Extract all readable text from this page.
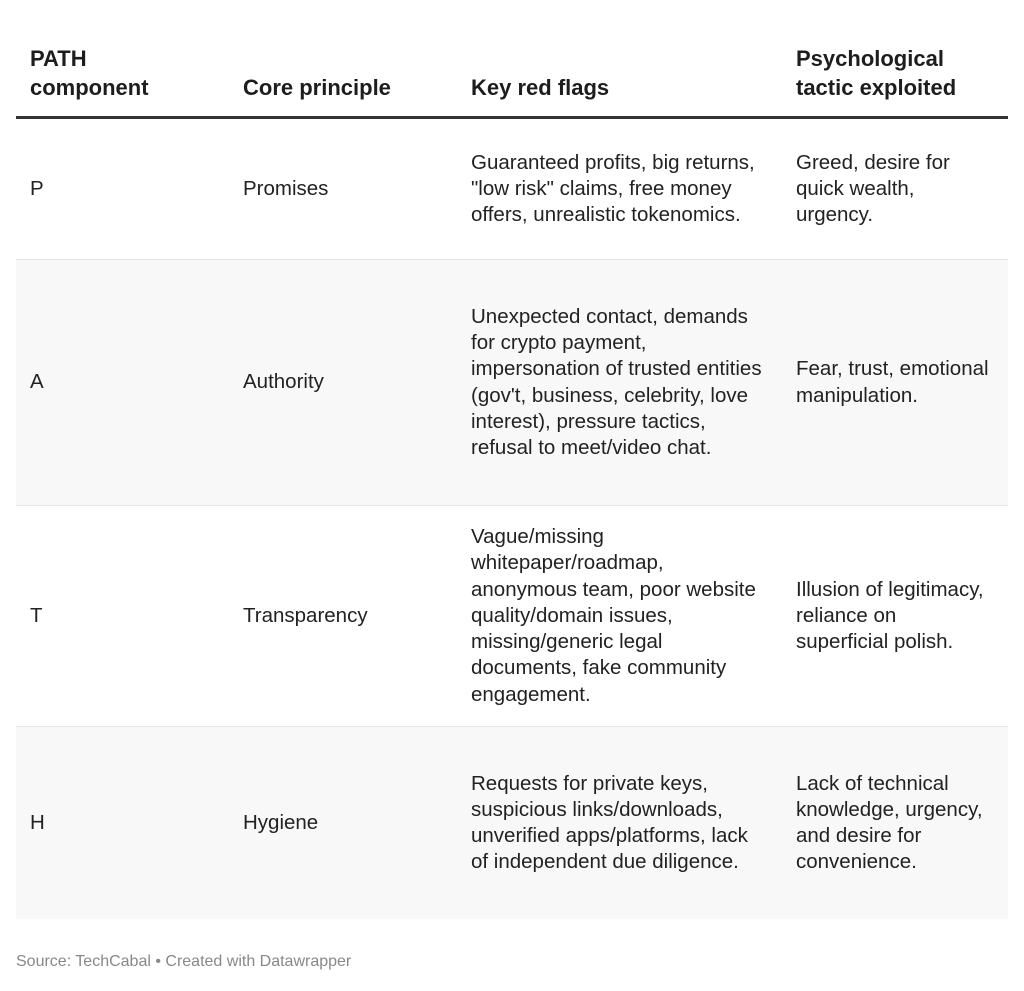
PATH component	Core principle	Key red flags	Psychological tactic exploited
P	Promises	Guaranteed profits, big returns, "low risk" claims, free money offers, unrealistic tokenomics.	Greed, desire for quick wealth, urgency.
A	Authority	Unexpected contact, demands for crypto payment, impersonation of trusted entities (gov't, business, celebrity, love interest), pressure tactics, refusal to meet/video chat.	Fear, trust, emotional manipulation.
T	Transparency	Vague/missing whitepaper/roadmap, anonymous team, poor website quality/domain issues, missing/generic legal documents, fake community engagement.	Illusion of legitimacy, reliance on superficial polish.
H	Hygiene	Requests for private keys, suspicious links/downloads, unverified apps/platforms, lack of independent due diligence.	Lack of technical knowledge, urgency, and desire for convenience.
Source: TechCabal • Created with Datawrapper
